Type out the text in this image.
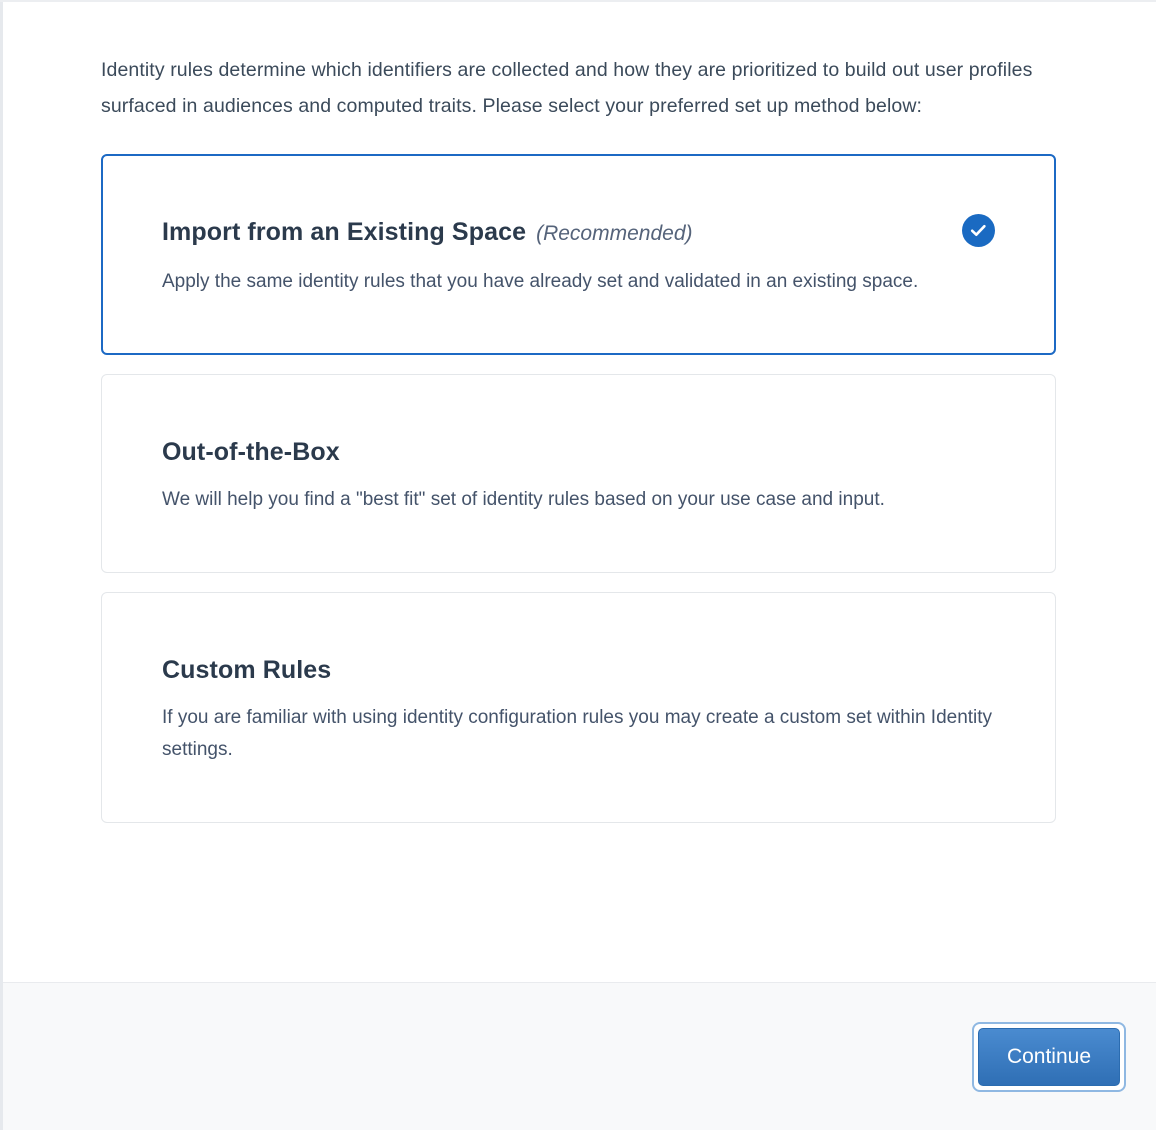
Identity rules determine which identifiers are collected and how they are prioritized to build out user profiles surfaced in audiences and computed traits. Please select your preferred set up method below:

Import from an Existing Space (Recommended)
Apply the same identity rules that you have already set and validated in an existing space.
Out-of-the-Box
We will help you find a "best fit" set of identity rules based on your use case and input.
Custom Rules
If you are familiar with using identity configuration rules you may create a custom set within Identity settings.
Continue
